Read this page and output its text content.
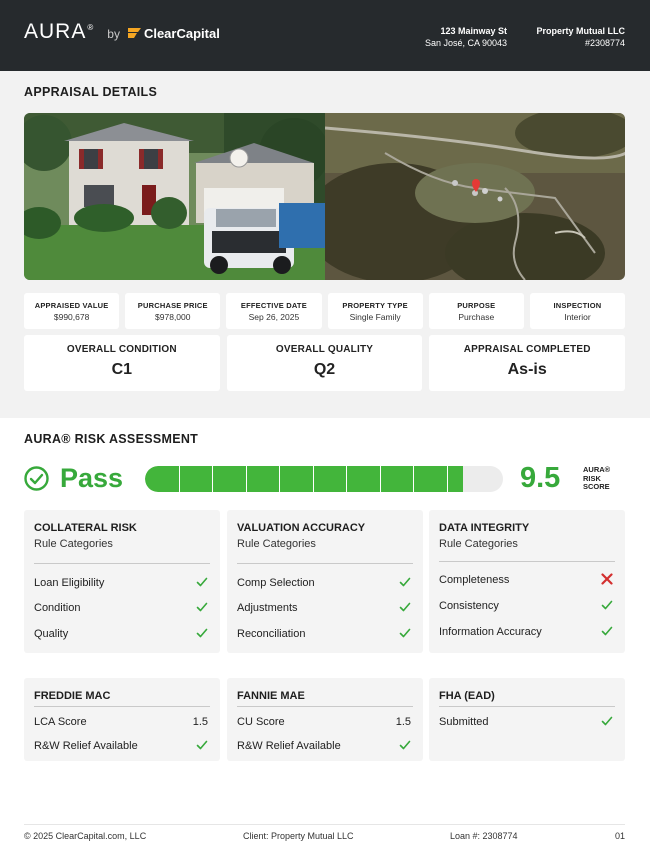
AURA ® by ClearCapital	123 Mainway St
San José, CA 90043
Property Mutual LLC
#2308774
APPRAISAL DETAILS
APPRAISED VALUE
$990,678
PURCHASE PRICE
$978,000
EFFECTIVE DATE
Sep 26, 2025
PROPERTY TYPE
Single Family
PURPOSE
Purchase
INSPECTION
Interior
OVERALL CONDITION
C1
OVERALL QUALITY
Q2
APPRAISAL COMPLETED
As-is
AURA® RISK ASSESSMENT
Pass	9.5	AURA®
RISK
SCORE
COLLATERAL RISK
Rule Categories
Loan Eligibility
Condition
Quality
VALUATION ACCURACY
Rule Categories
Comp Selection
Adjustments
Reconciliation
DATA INTEGRITY
Rule Categories
Completeness
Consistency
Information Accuracy
FREDDIE MAC
LCA Score	1.5
R&W Relief Available
FANNIE MAE
CU Score	1.5
R&W Relief Available
FHA (EAD)
Submitted
© 2025 ClearCapital.com, LLC	Client: Property Mutual LLC	Loan #: 2308774	01
